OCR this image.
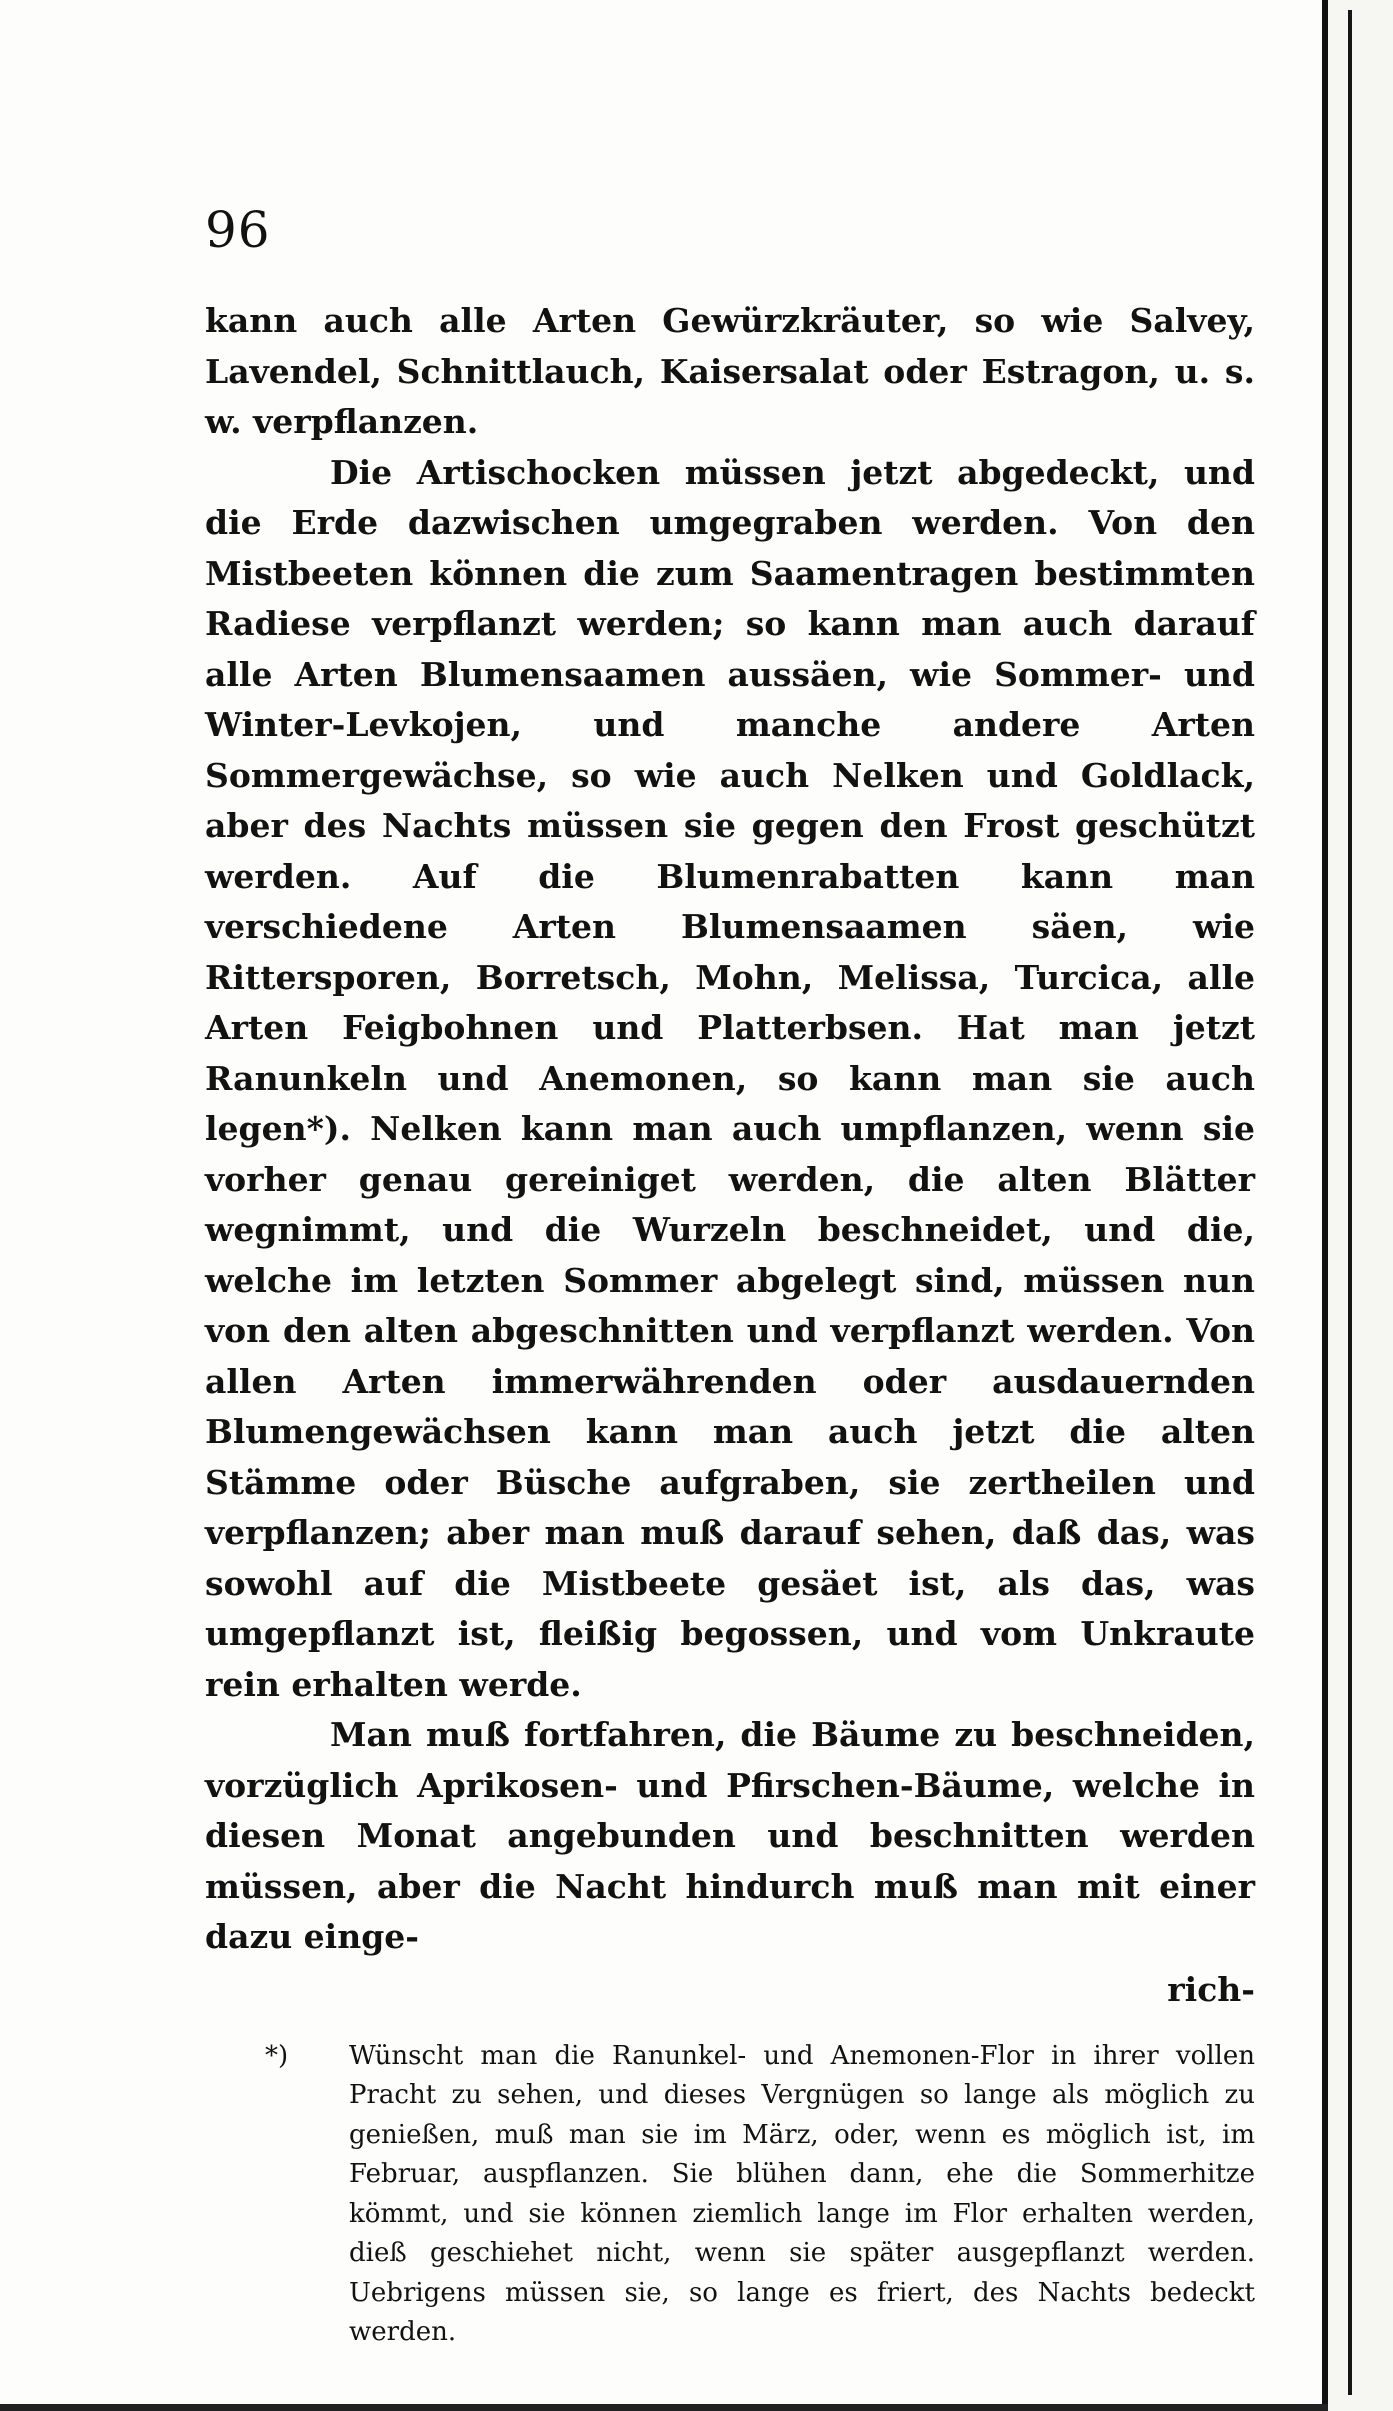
96

kann auch alle Arten Gewürzkräuter, so wie Salvey, Lavendel, Schnittlauch, Kaisersalat oder Estragon, u. s. w. verpflanzen.

Die Artischocken müssen jetzt abgedeckt, und die Erde dazwischen umgegraben werden. Von den Mistbeeten können die zum Saamentragen bestimmten Radiese verpflanzt werden; so kann man auch darauf alle Arten Blumensaamen aussäen, wie Sommer- und Winter-Levkojen, und manche andere Arten Sommergewächse, so wie auch Nelken und Goldlack, aber des Nachts müssen sie gegen den Frost geschützt werden. Auf die Blumenrabatten kann man verschiedene Arten Blumensaamen säen, wie Rittersporen, Borretsch, Mohn, Melissa, Turcica, alle Arten Feigbohnen und Platterbsen. Hat man jetzt Ranunkeln und Anemonen, so kann man sie auch legen*). Nelken kann man auch umpflanzen, wenn sie vorher genau gereiniget werden, die alten Blätter wegnimmt, und die Wurzeln beschneidet, und die, welche im letzten Sommer abgelegt sind, müssen nun von den alten abgeschnitten und verpflanzt werden. Von allen Arten immerwährenden oder ausdauernden Blumengewächsen kann man auch jetzt die alten Stämme oder Büsche aufgraben, sie zertheilen und verpflanzen; aber man muß darauf sehen, daß das, was sowohl auf die Mistbeete gesäet ist, als das, was umgepflanzt ist, fleißig begossen, und vom Unkraute rein erhalten werde.

Man muß fortfahren, die Bäume zu beschneiden, vorzüglich Aprikosen- und Pfirschen-Bäume, welche in diesen Monat angebunden und beschnitten werden müssen, aber die Nacht hindurch muß man mit einer dazu einge-

rich-
*) Wünscht man die Ranunkel- und Anemonen-Flor in ihrer vollen Pracht zu sehen, und dieses Vergnügen so lange als möglich zu genießen, muß man sie im März, oder, wenn es möglich ist, im Februar, auspflanzen. Sie blühen dann, ehe die Sommerhitze kömmt, und sie können ziemlich lange im Flor erhalten werden, dieß geschiehet nicht, wenn sie später ausgepflanzt werden. Uebrigens müssen sie, so lange es friert, des Nachts bedeckt werden.
